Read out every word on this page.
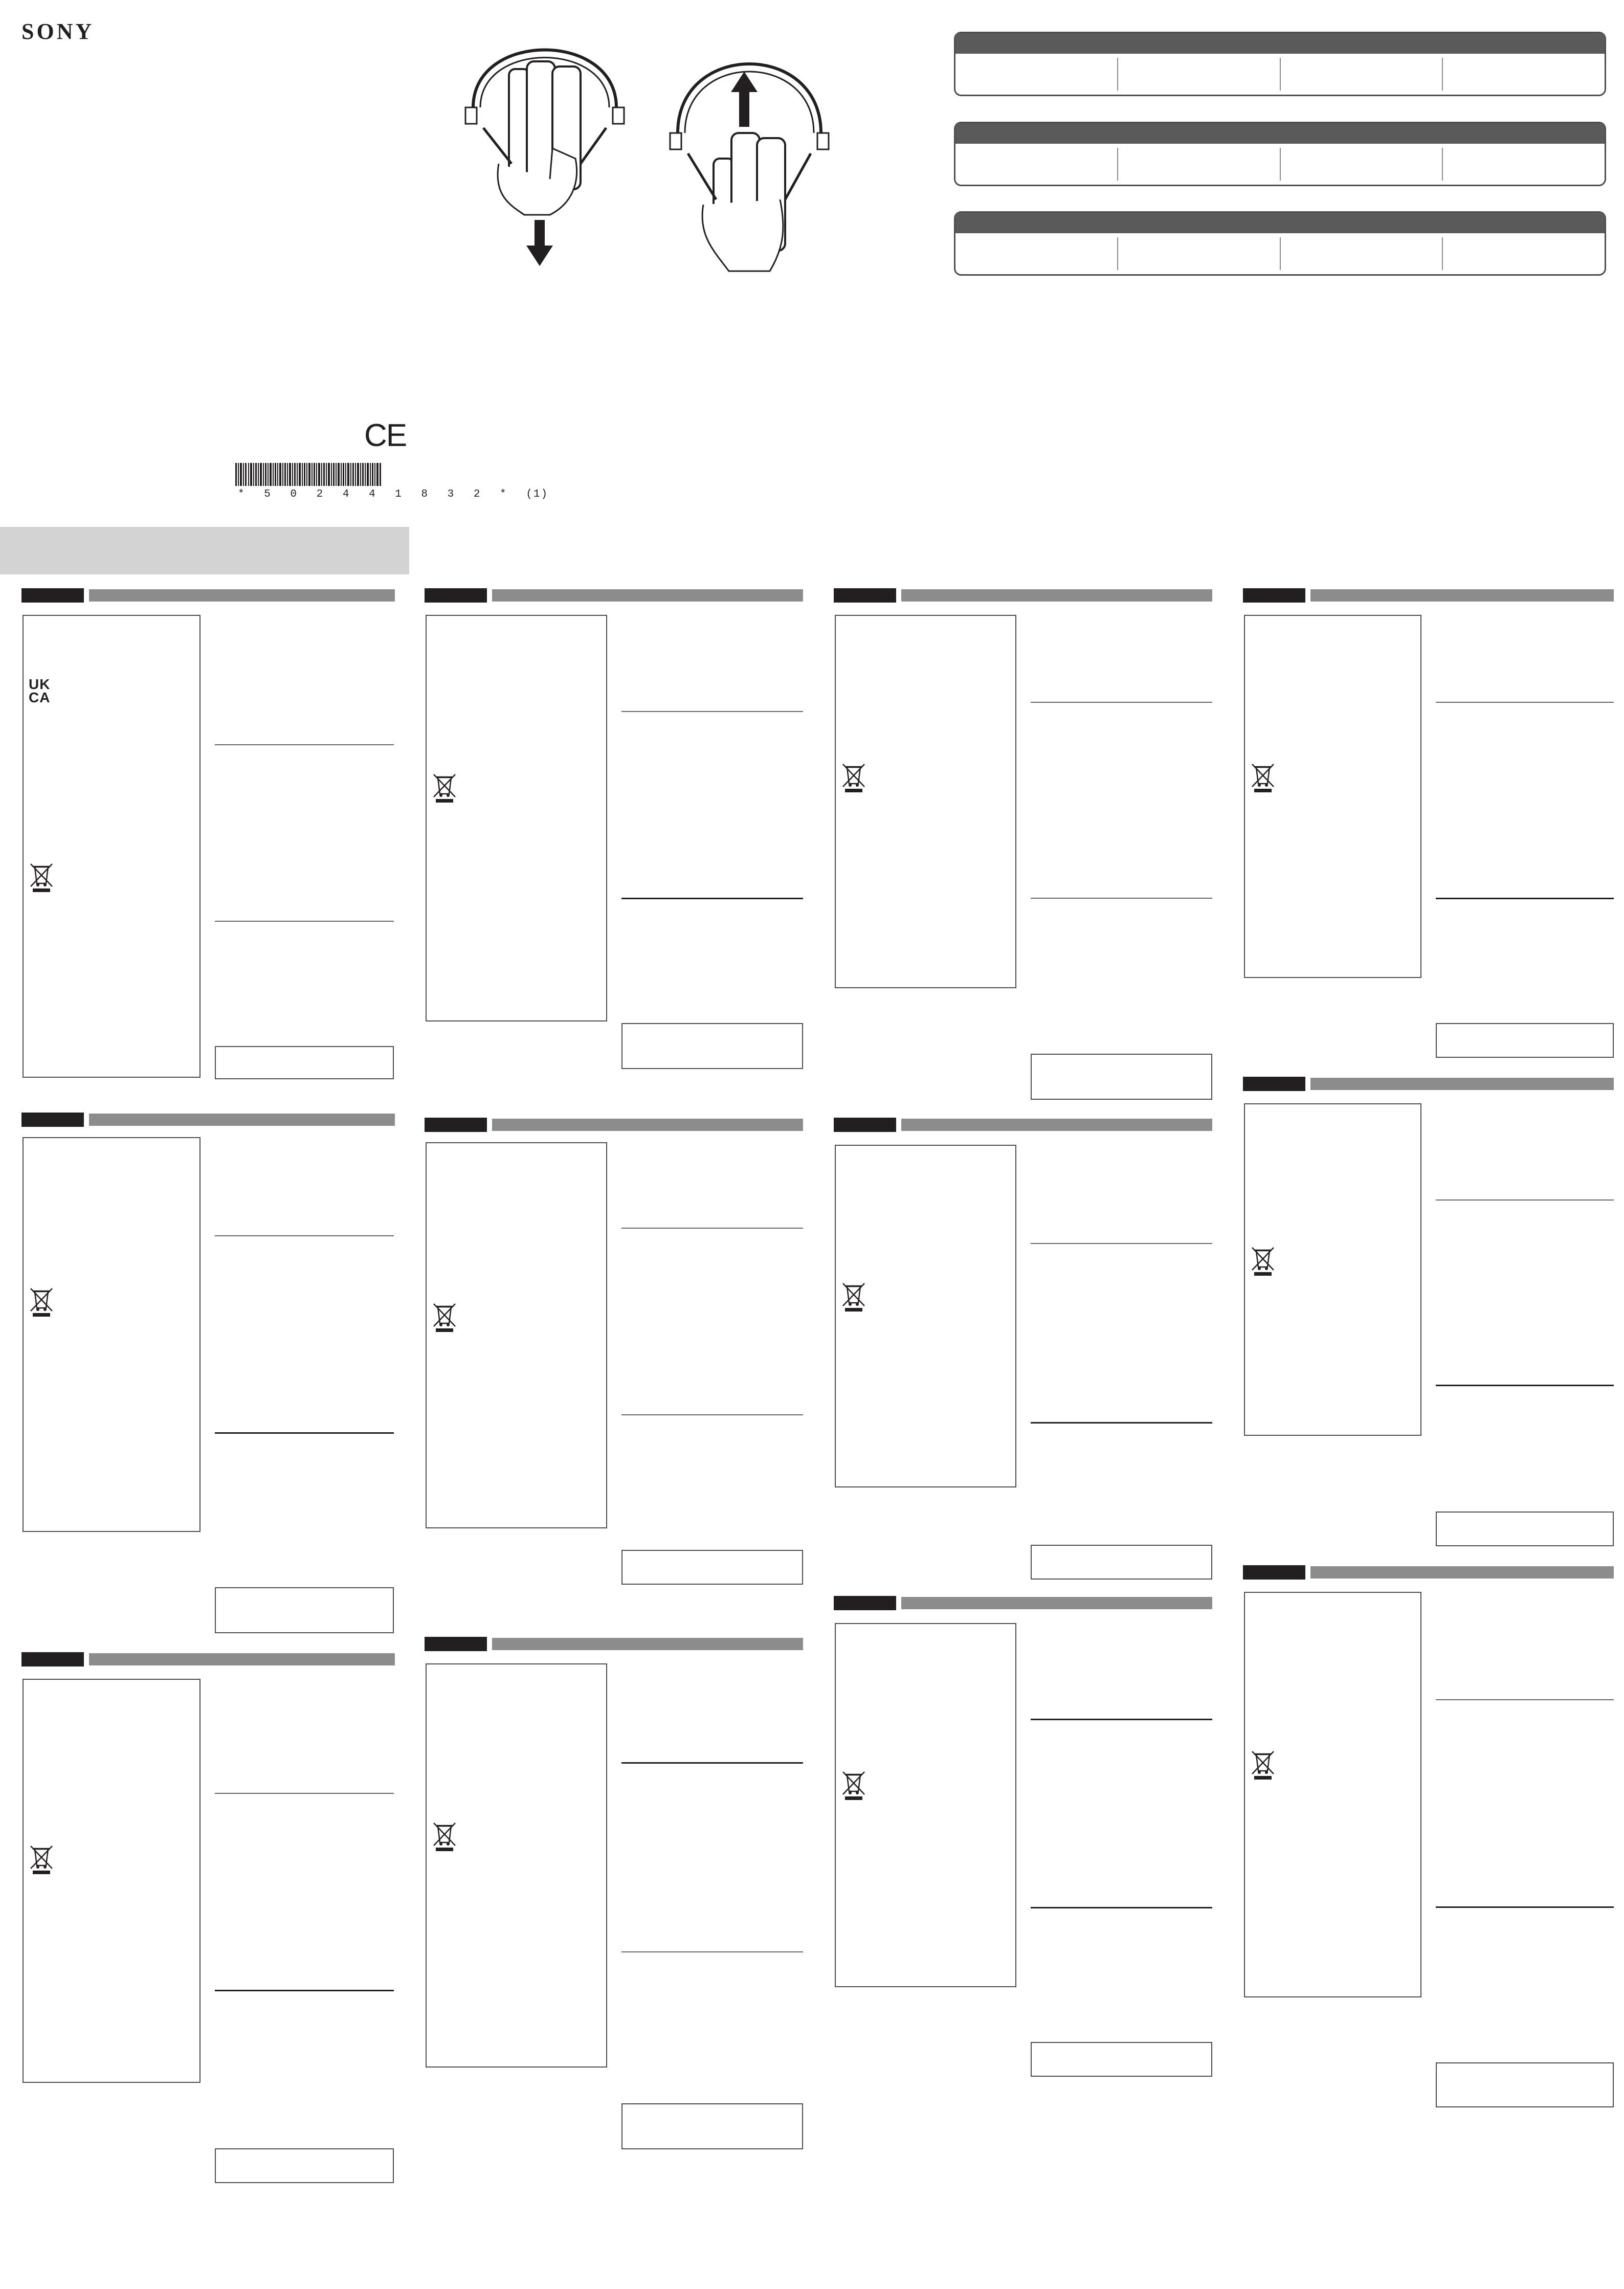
SONY
CE
* 5 0 2 4 4 1 8 3 2 * (1)
UK
CA
